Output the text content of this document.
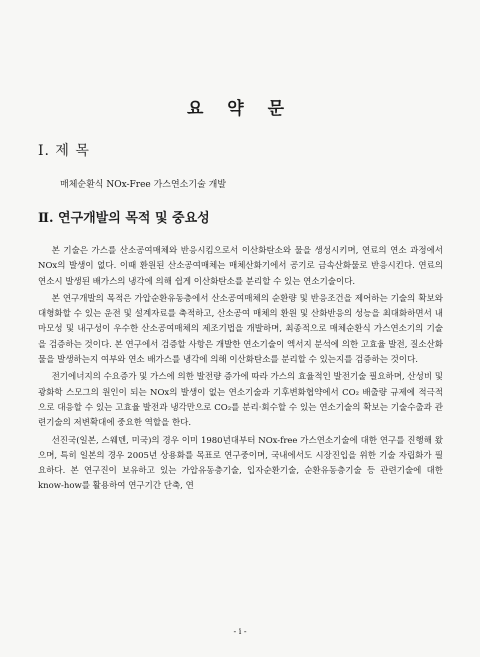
요 약 문
Ⅰ. 제 목
매체순환식 NOx-Free 가스연소기술 개발
Ⅱ. 연구개발의 목적 및 중요성

본 기술은 가스를 산소공여매체와 반응시킴으로서 이산화탄소와 물을 생성시키며, 연료의 연소 과정에서 NOx의 발생이 없다. 이때 환원된 산소공여매체는 매체산화기에서 공기로 금속산화물로 반응시킨다. 연료의 연소시 발생된 배가스의 냉각에 의해 쉽게 이산화탄소를 분리할 수 있는 연소기술이다.

본 연구개발의 목적은 가압순환유동층에서 산소공여매체의 순환량 및 반응조건을 제어하는 기술의 확보와 대형화할 수 있는 운전 및 설계자료를 축적하고, 산소공여 매체의 환원 및 산화반응의 성능을 최대화하면서 내마모성 및 내구성이 우수한 산소공여매체의 제조기법을 개발하며, 최종적으로 매체순환식 가스연소기의 기술을 검증하는 것이다. 본 연구에서 검증할 사항은 개발한 연소기술이 엑서지 분석에 의한 고효율 발전, 질소산화물을 발생하는지 여부와 연소 배가스를 냉각에 의해 이산화탄소를 분리할 수 있는지를 검증하는 것이다.

전기에너지의 수요증가 및 가스에 의한 발전량 증가에 따라 가스의 효율적인 발전기술 필요하며, 산성비 및 광화학 스모그의 원인이 되는 NOx의 발생이 없는 연소기술과 기후변화협약에서 CO₂ 배출량 규제에 적극적으로 대응할 수 있는 고효율 발전과 냉각만으로 CO₂를 분리·회수할 수 있는 연소기술의 확보는 기술수출과 관련기술의 저변확대에 중요한 역할을 한다.

선진국(일본, 스웨덴, 미국)의 경우 이미 1980년대부터 NOx-free 가스연소기술에 대한 연구를 진행해 왔으며, 특히 일본의 경우 2005년 상용화를 목표로 연구중이며, 국내에서도 시장진입을 위한 기술 자립화가 필요하다. 본 연구진이 보유하고 있는 가압유동층기술, 입자순환기술, 순환유동층기술 등 관련기술에 대한 know-how를 활용하여 연구기간 단축, 연

- i -
